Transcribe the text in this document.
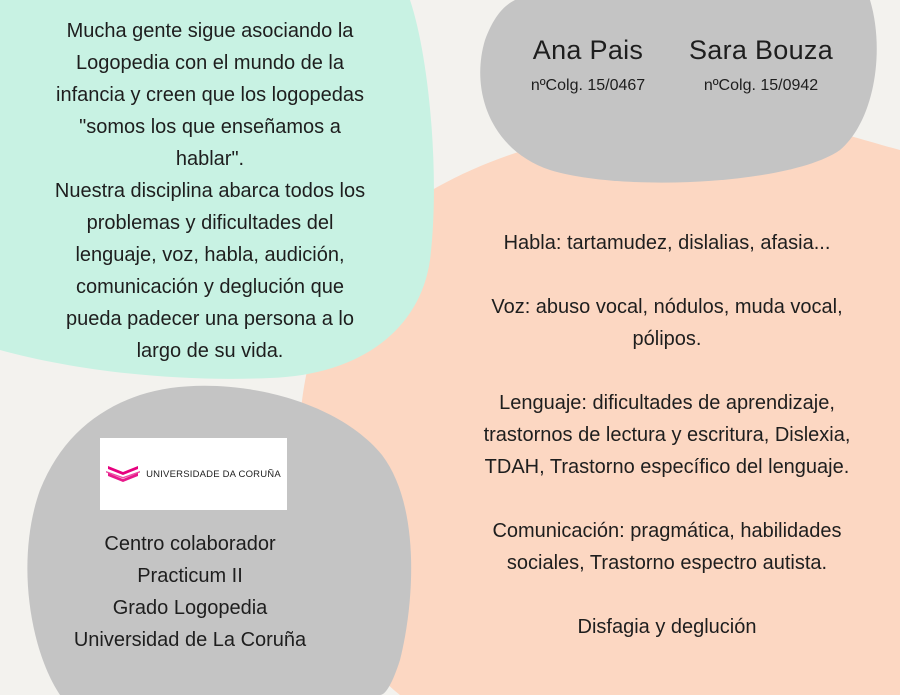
Mucha gente sigue asociando la

Logopedia con el mundo de la

infancia y creen que los logopedas

"somos los que enseñamos a

hablar".

Nuestra disciplina abarca todos los

problemas y dificultades del

lenguaje, voz, habla, audición,

comunicación y deglución que

pueda padecer una persona a lo

largo de su vida.

Ana Pais
nºColg. 15/0467
Sara Bouza
nºColg. 15/0942

Habla: tartamudez, dislalias, afasia...

Voz: abuso vocal, nódulos, muda vocal,
pólipos.

Lenguaje: dificultades de aprendizaje,
trastornos de lectura y escritura, Dislexia,
TDAH, Trastorno específico del lenguaje.

Comunicación: pragmática, habilidades
sociales, Trastorno espectro autista.

Disfagia y deglución

UNIVERSIDADE DA CORUÑA

Centro colaborador

Practicum II

Grado Logopedia

Universidad de La Coruña
